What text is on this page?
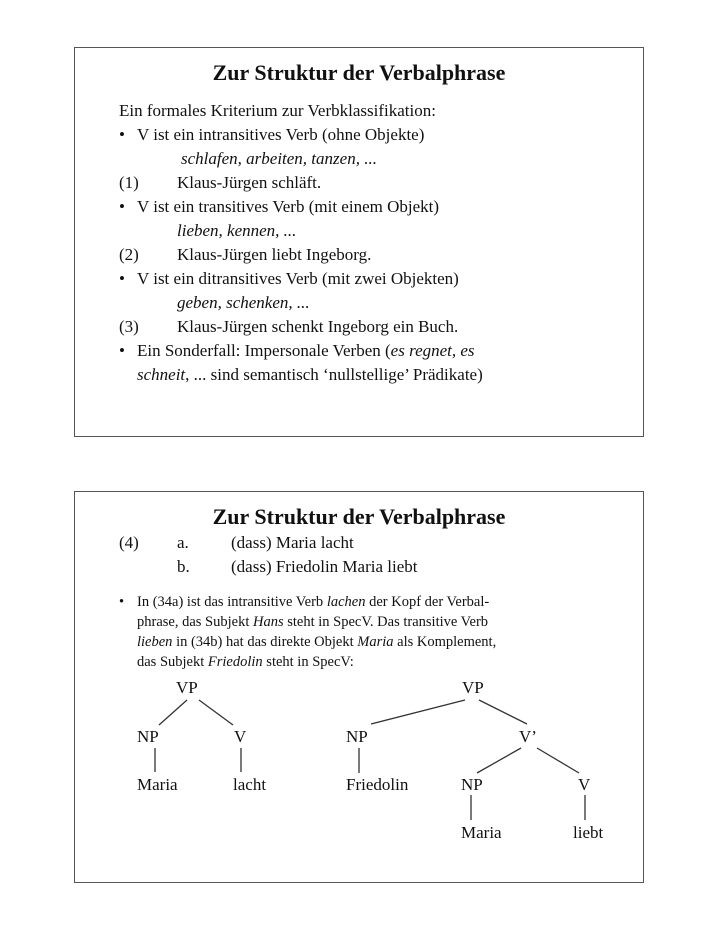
Zur Struktur der Verbalphrase
Ein formales Kriterium zur Verbklassifikation:
• V ist ein intransitives Verb (ohne Objekte)
schlafen, arbeiten, tanzen, ...
(1) Klaus-Jürgen schläft.
• V ist ein transitives Verb (mit einem Objekt)
lieben, kennen, ...
(2) Klaus-Jürgen liebt Ingeborg.
• V ist ein ditransitives Verb (mit zwei Objekten)
geben, schenken, ...
(3) Klaus-Jürgen schenkt Ingeborg ein Buch.
• Ein Sonderfall: Impersonale Verben (es regnet, es
schneit, ... sind semantisch ‘nullstellige’ Prädikate)
Zur Struktur der Verbalphrase
(4) a. (dass) Maria lacht
b. (dass) Friedolin Maria liebt
• In (34a) ist das intransitive Verb lachen der Kopf der Verbal-
phrase, das Subjekt Hans steht in SpecV. Das transitive Verb
lieben in (34b) hat das direkte Objekt Maria als Komplement,
das Subjekt Friedolin steht in SpecV:
VP
NP	V
Maria	lacht
VP
NP	V’
Friedolin	NP	V
Maria	liebt
